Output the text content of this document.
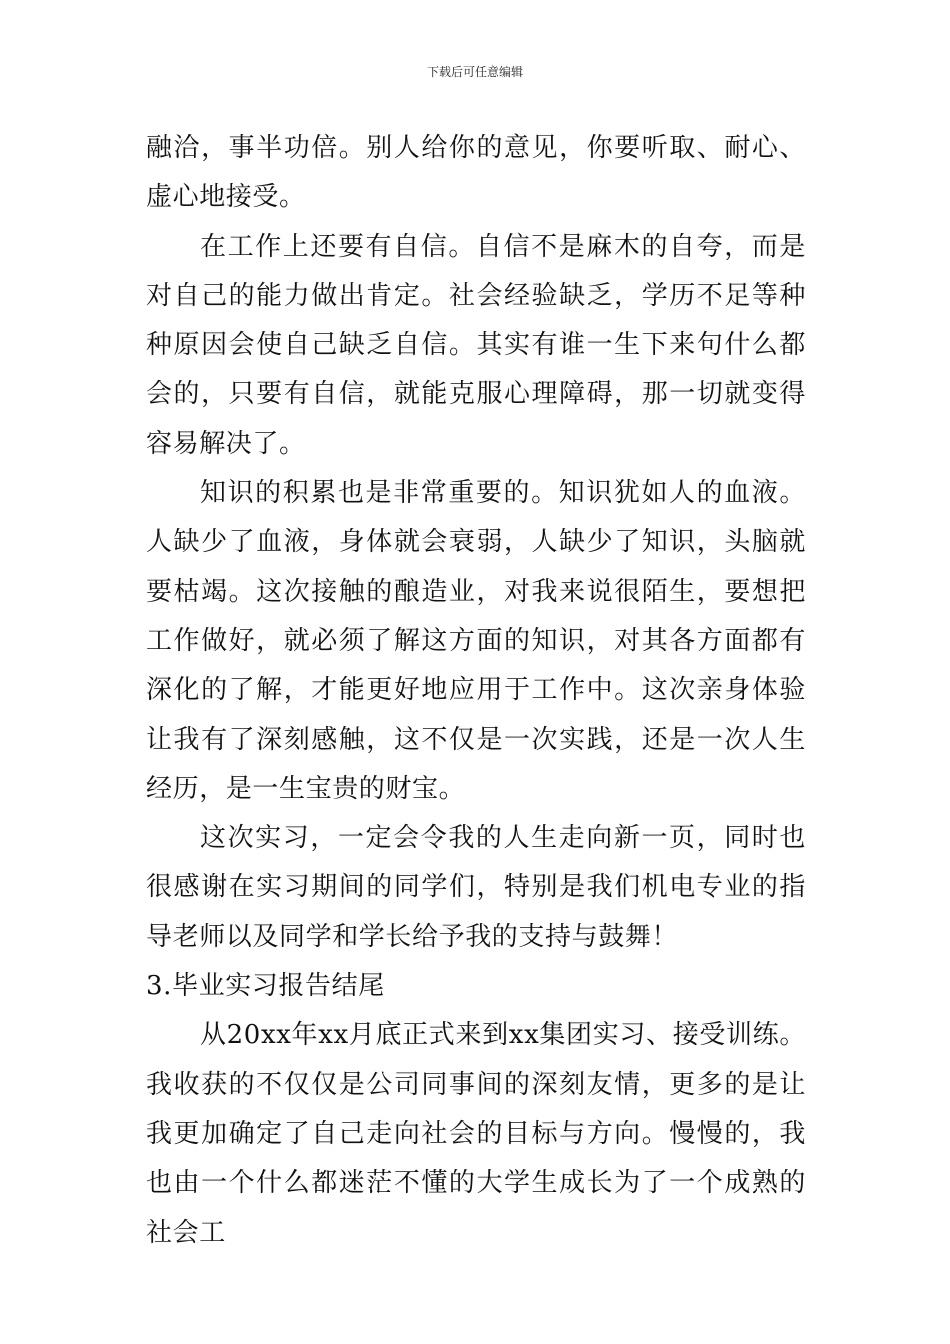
下载后可任意编辑

融洽，事半功倍。别人给你的意见，你要听取、耐心、虚心地接受。

在工作上还要有自信。自信不是麻木的自夸，而是对自己的能力做出肯定。社会经验缺乏，学历不足等种种原因会使自己缺乏自信。其实有谁一生下来句什么都会的，只要有自信，就能克服心理障碍，那一切就变得容易解决了。

知识的积累也是非常重要的。知识犹如人的血液。人缺少了血液，身体就会衰弱，人缺少了知识，头脑就要枯竭。这次接触的酿造业，对我来说很陌生，要想把工作做好，就必须了解这方面的知识，对其各方面都有深化的了解，才能更好地应用于工作中。这次亲身体验让我有了深刻感触，这不仅是一次实践，还是一次人生经历，是一生宝贵的财宝。

这次实习，一定会令我的人生走向新一页，同时也很感谢在实习期间的同学们，特别是我们机电专业的指导老师以及同学和学长给予我的支持与鼓舞！

3.毕业实习报告结尾

从20xx年xx月底正式来到xx集团实习、接受训练。我收获的不仅仅是公司同事间的深刻友情，更多的是让我更加确定了自己走向社会的目标与方向。慢慢的，我也由一个什么都迷茫不懂的大学生成长为了一个成熟的社会工
